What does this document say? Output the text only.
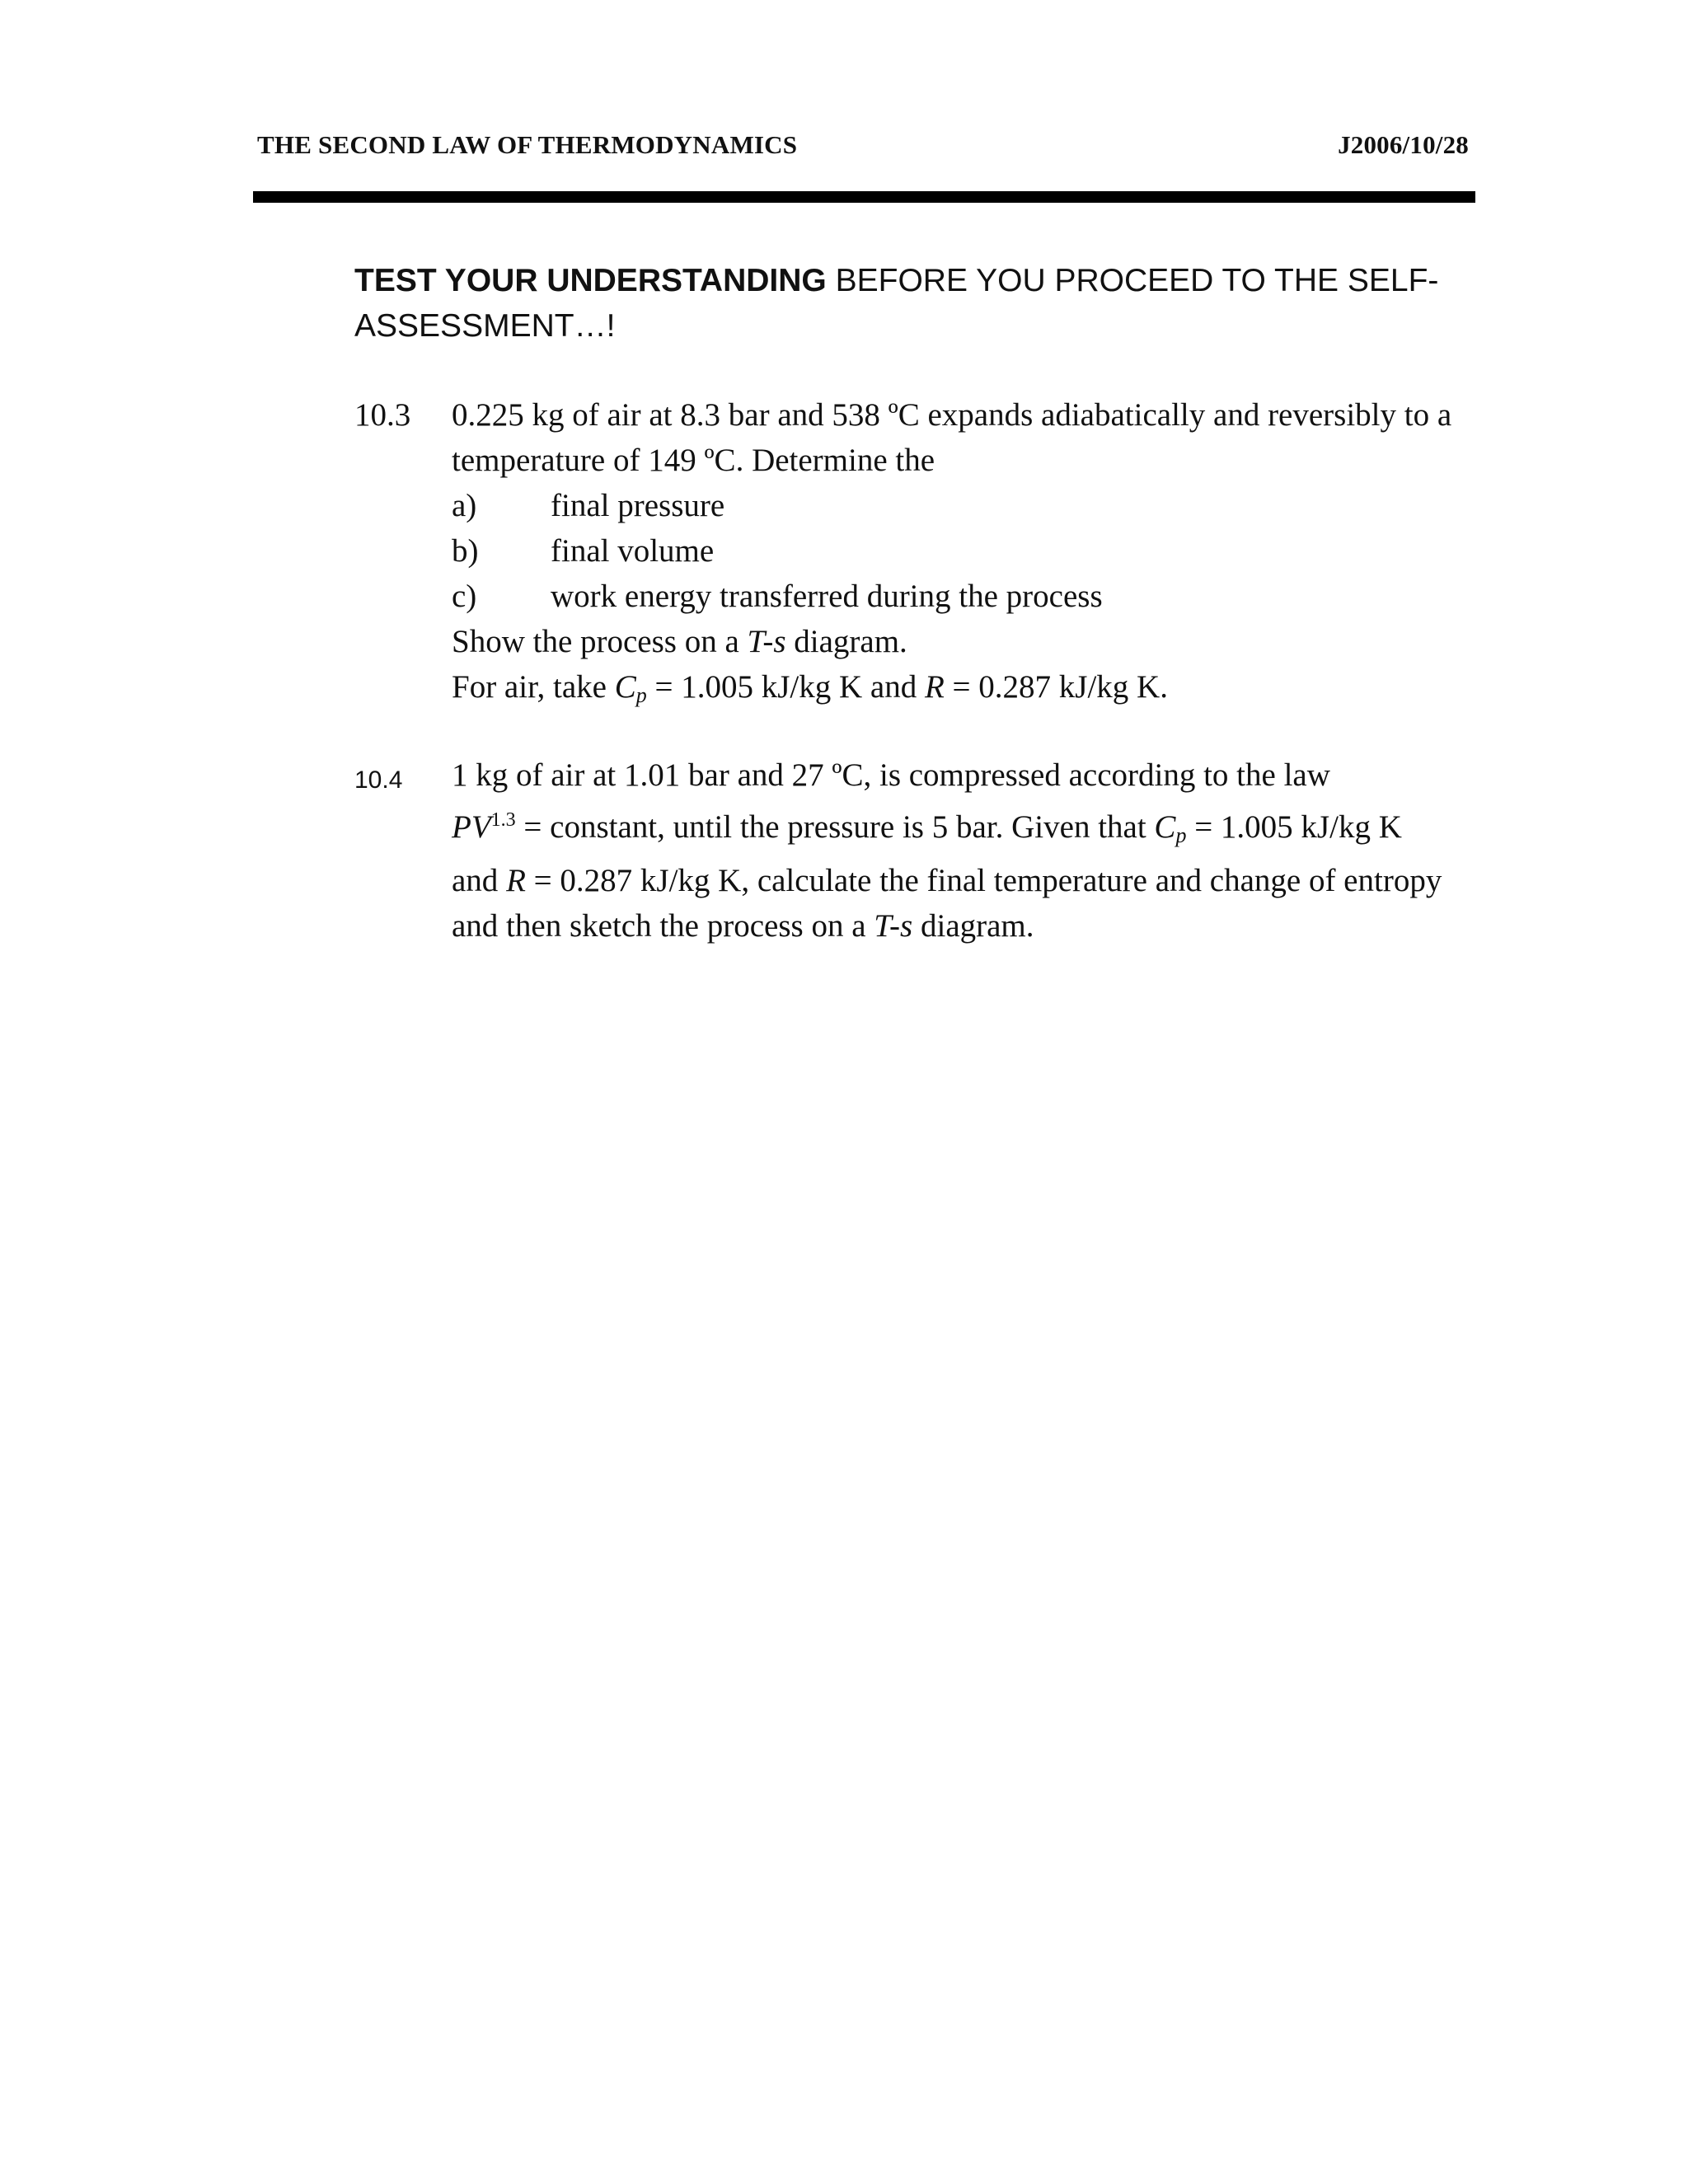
THE SECOND LAW OF THERMODYNAMICS	J2006/10/28
TEST YOUR UNDERSTANDING BEFORE YOU PROCEED TO THE SELF-
ASSESSMENT…!
10.3 0.225 kg of air at 8.3 bar and 538 ºC expands adiabatically and reversibly to a
temperature of 149 ºC. Determine the
a) final pressure
b) final volume
c) work energy transferred during the process
Show the process on a T-s diagram.
For air, take $C_p = 1.005$ kJ/kg K and R = 0.287 kJ/kg K.
10.4 1 kg of air at 1.01 bar and 27 ºC, is compressed according to the law
$PV^{1.3}$ = constant, until the pressure is 5 bar. Given that $C_p = 1.005$ kJ/kg K
and R = 0.287 kJ/kg K, calculate the final temperature and change of entropy
and then sketch the process on a T-s diagram.
